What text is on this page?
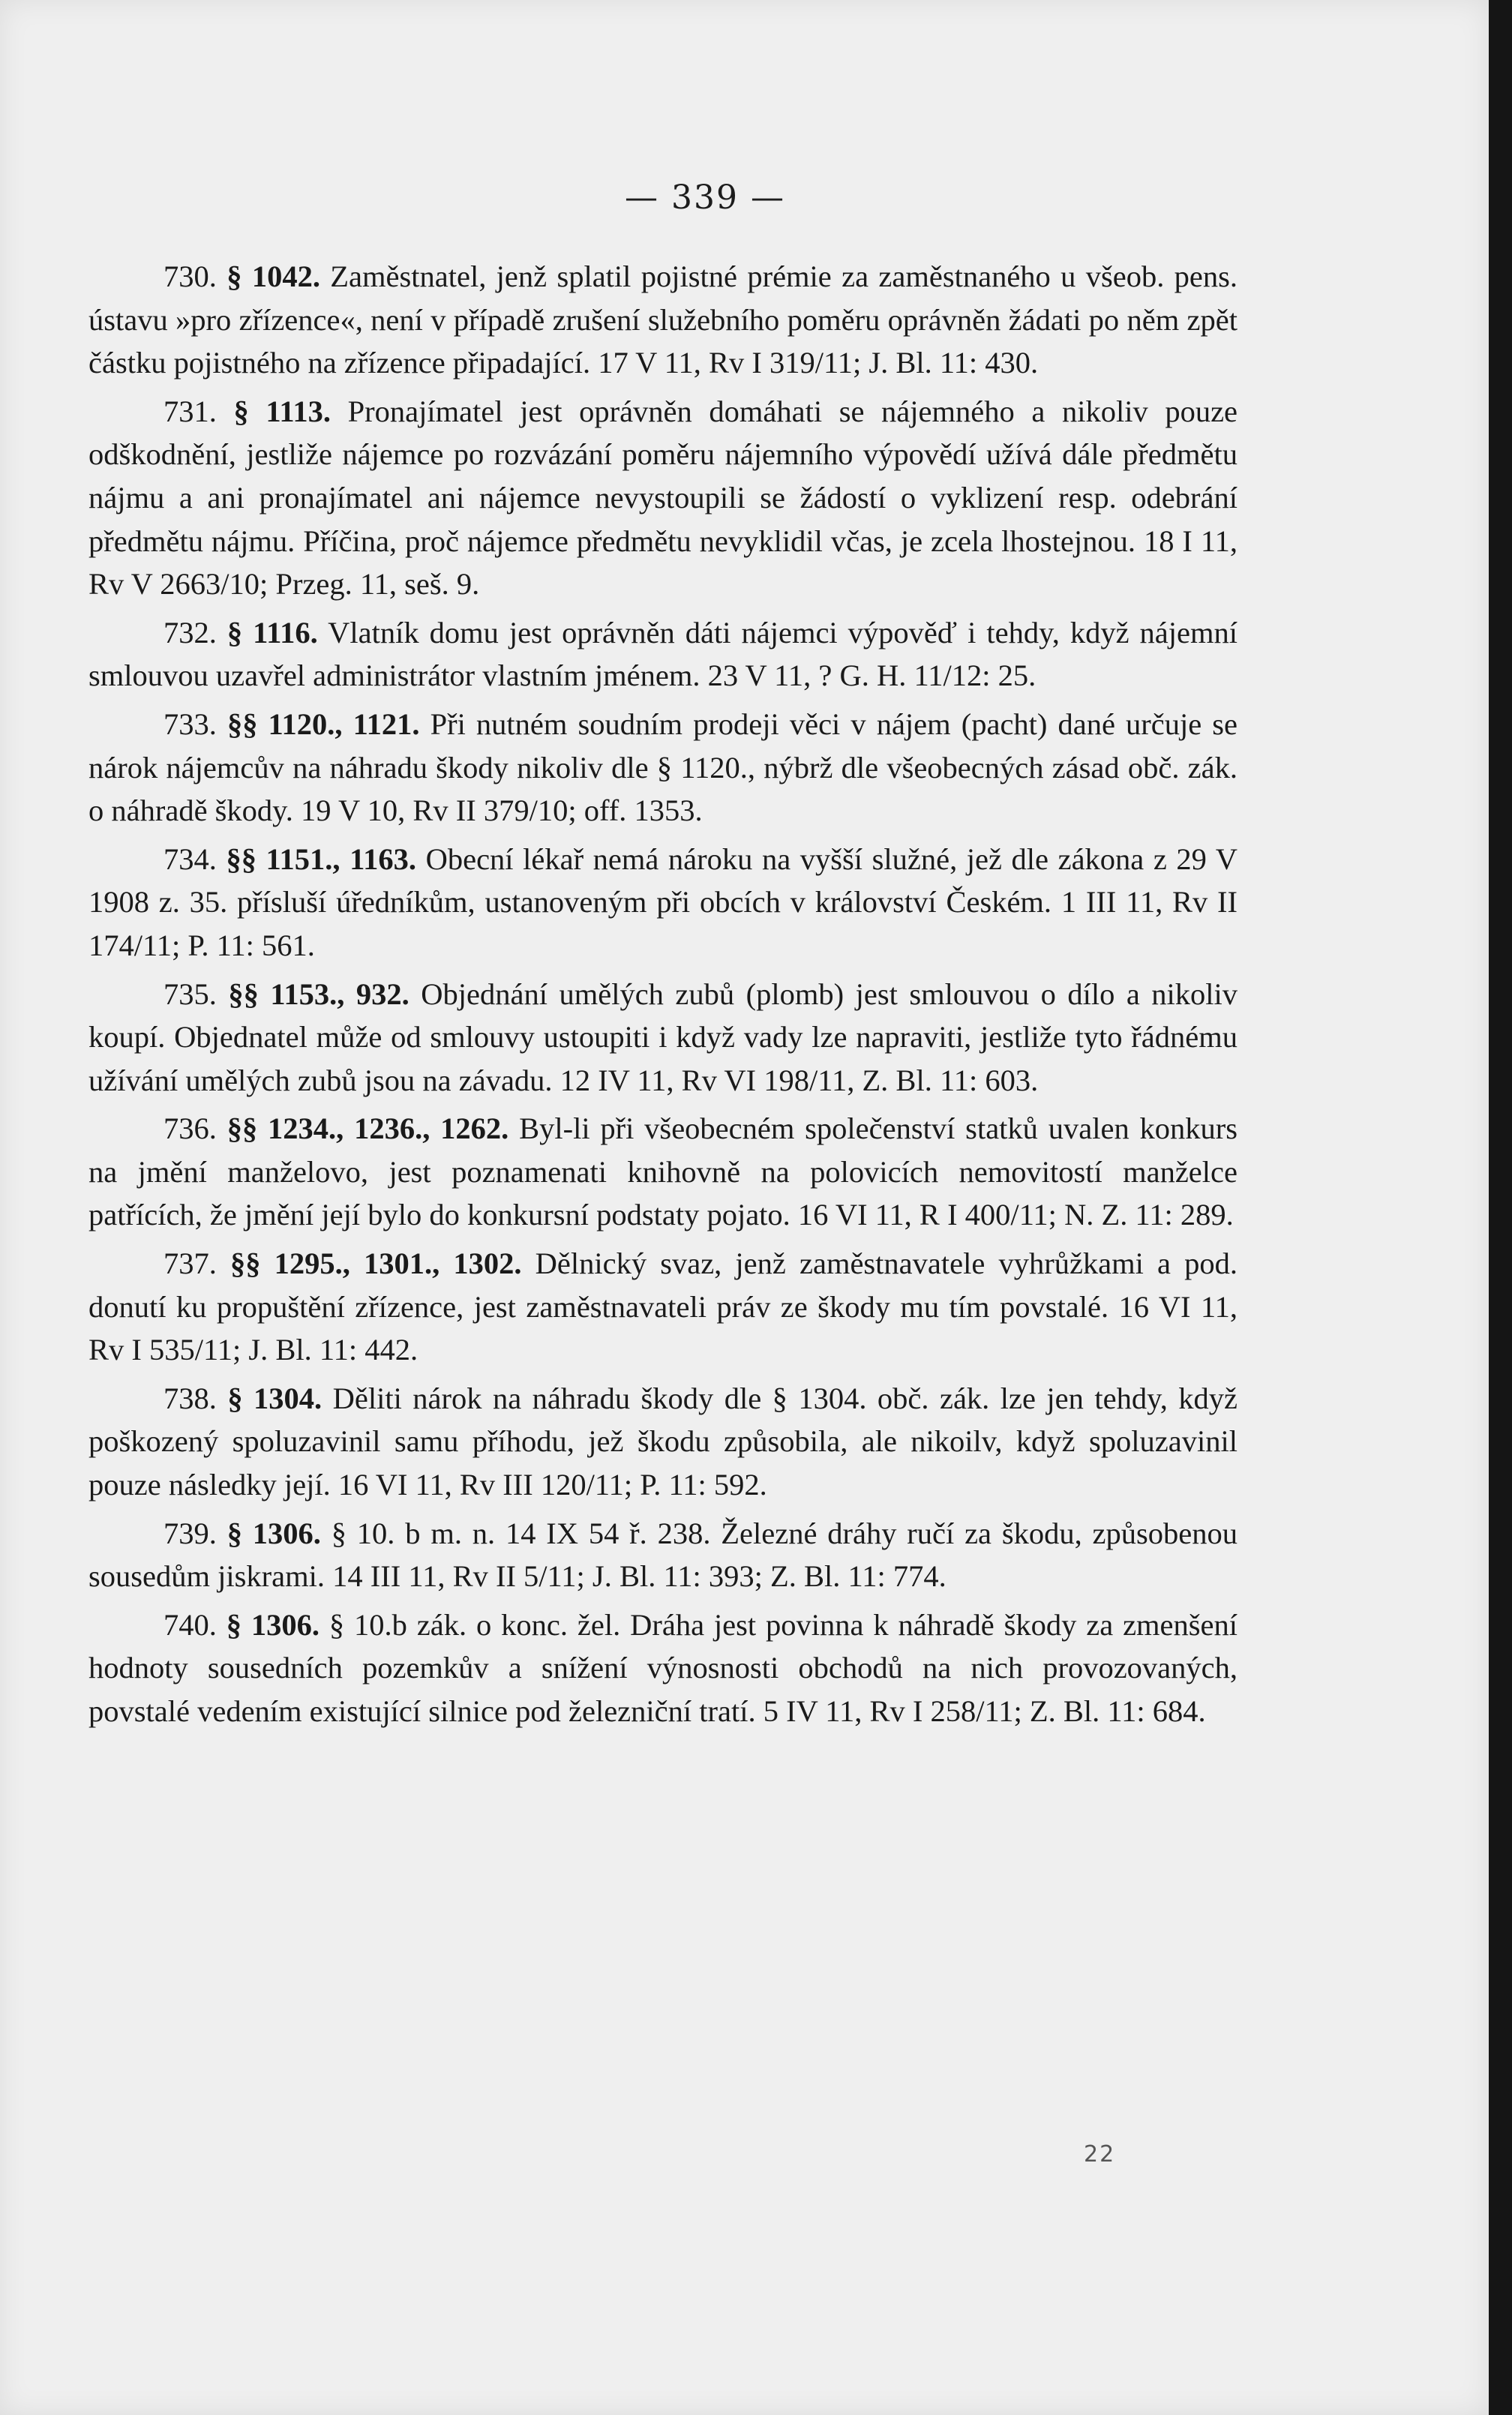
— 339 —

730. § 1042. Zaměstnatel, jenž splatil pojistné prémie za zaměstnaného u všeob. pens. ústavu »pro zřízence«, není v případě zrušení služebního poměru oprávněn žádati po něm zpět částku pojistného na zřízence připadající. 17 V 11, Rv I 319/11; J. Bl. 11: 430.

731. § 1113. Pronajímatel jest oprávněn domáhati se nájemného a nikoliv pouze odškodnění, jestliže nájemce po rozvázání poměru nájemního výpovědí užívá dále předmětu nájmu a ani pronajímatel ani nájemce nevystoupili se žádostí o vyklizení resp. odebrání předmětu nájmu. Příčina, proč nájemce předmětu nevyklidil včas, je zcela lhostejnou. 18 I 11, Rv V 2663/10; Przeg. 11, seš. 9.

732. § 1116. Vlatník domu jest oprávněn dáti nájemci výpověď i tehdy, když nájemní smlouvou uzavřel administrátor vlastním jménem. 23 V 11, ? G. H. 11/12: 25.

733. §§ 1120., 1121. Při nutném soudním prodeji věci v nájem (pacht) dané určuje se nárok nájemcův na náhradu škody nikoliv dle § 1120., nýbrž dle všeobecných zásad obč. zák. o náhradě škody. 19 V 10, Rv II 379/10; off. 1353.

734. §§ 1151., 1163. Obecní lékař nemá nároku na vyšší služné, jež dle zákona z 29 V 1908 z. 35. přísluší úředníkům, ustanoveným při obcích v království Českém. 1 III 11, Rv II 174/11; P. 11: 561.

735. §§ 1153., 932. Objednání umělých zubů (plomb) jest smlouvou o dílo a nikoliv koupí. Objednatel může od smlouvy ustoupiti i když vady lze napraviti, jestliže tyto řádnému užívání umělých zubů jsou na závadu. 12 IV 11, Rv VI 198/11, Z. Bl. 11: 603.

736. §§ 1234., 1236., 1262. Byl-li při všeobecném společenství statků uvalen konkurs na jmění manželovo, jest poznamenati knihovně na polovicích nemovitostí manželce patřících, že jmění její bylo do konkursní podstaty pojato. 16 VI 11, R I 400/11; N. Z. 11: 289.

737. §§ 1295., 1301., 1302. Dělnický svaz, jenž zaměstnavatele vyhrůžkami a pod. donutí ku propuštění zřízence, jest zaměstnavateli práv ze škody mu tím povstalé. 16 VI 11, Rv I 535/11; J. Bl. 11: 442.

738. § 1304. Děliti nárok na náhradu škody dle § 1304. obč. zák. lze jen tehdy, když poškozený spoluzavinil samu příhodu, jež škodu způsobila, ale nikoilv, když spoluzavinil pouze následky její. 16 VI 11, Rv III 120/11; P. 11: 592.

739. § 1306. § 10. b m. n. 14 IX 54 ř. 238. Železné dráhy ručí za škodu, způsobenou sousedům jiskrami. 14 III 11, Rv II 5/11; J. Bl. 11: 393; Z. Bl. 11: 774.

740. § 1306. § 10.b zák. o konc. žel. Dráha jest povinna k náhradě škody za zmenšení hodnoty sousedních pozemkův a snížení výnosnosti obchodů na nich provozovaných, povstalé vedením existující silnice pod železniční tratí. 5 IV 11, Rv I 258/11; Z. Bl. 11: 684.

22
